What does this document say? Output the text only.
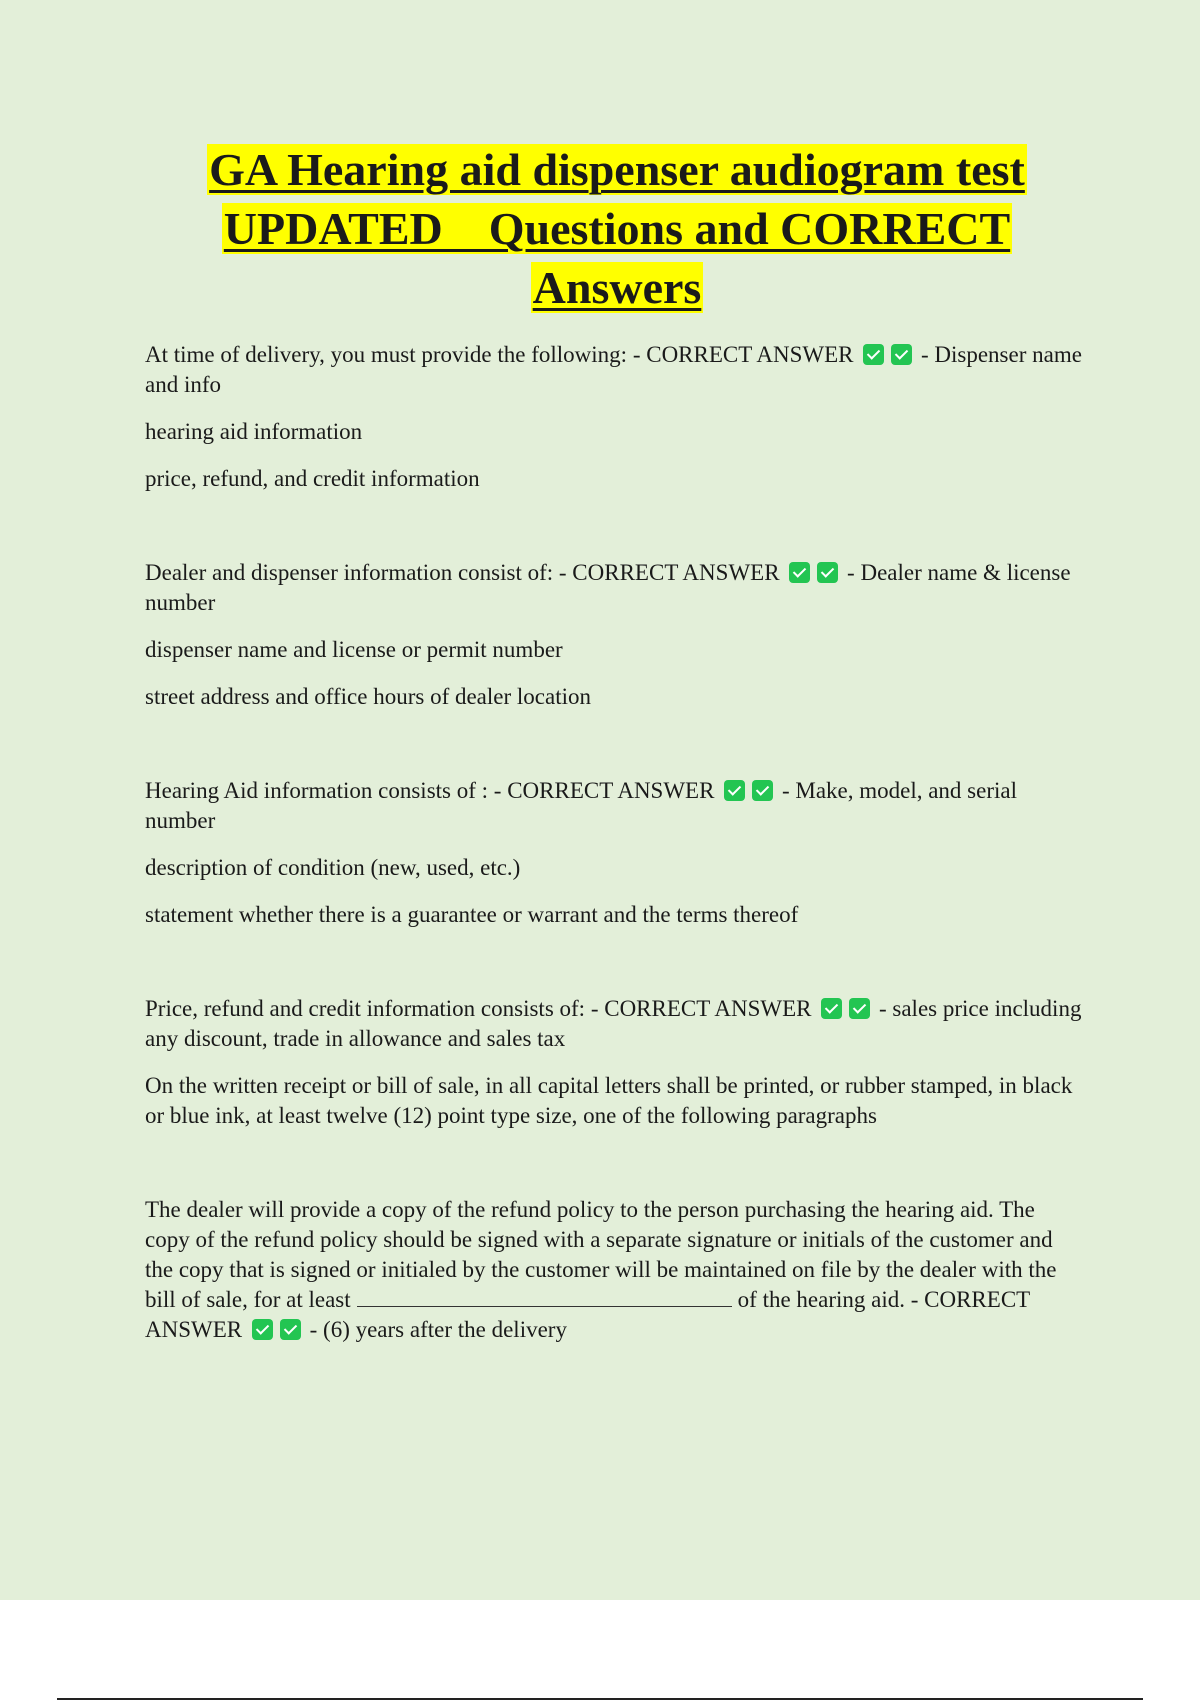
GA Hearing aid dispenser audiogram test
UPDATED    Questions and CORRECT
Answers

At time of delivery, you must provide the following: - CORRECT ANSWER	- Dispenser name and info

hearing aid information

price, refund, and credit information

Dealer and dispenser information consist of: - CORRECT ANSWER	- Dealer name & license number

dispenser name and license or permit number

street address and office hours of dealer location

Hearing Aid information consists of : - CORRECT ANSWER	- Make, model, and serial number

description of condition (new, used, etc.)

statement whether there is a guarantee or warrant and the terms thereof

Price, refund and credit information consists of: - CORRECT ANSWER	- sales price including any discount, trade in allowance and sales tax

On the written receipt or bill of sale, in all capital letters shall be printed, or rubber stamped, in black or blue ink, at least twelve (12) point type size, one of the following paragraphs

The dealer will provide a copy of the refund policy to the person purchasing the hearing aid. The copy of the refund policy should be signed with a separate signature or initials of the customer and the copy that is signed or initialed by the customer will be maintained on file by the dealer with the bill of sale, for at least	of the hearing aid. - CORRECT ANSWER	- (6) years after the delivery
